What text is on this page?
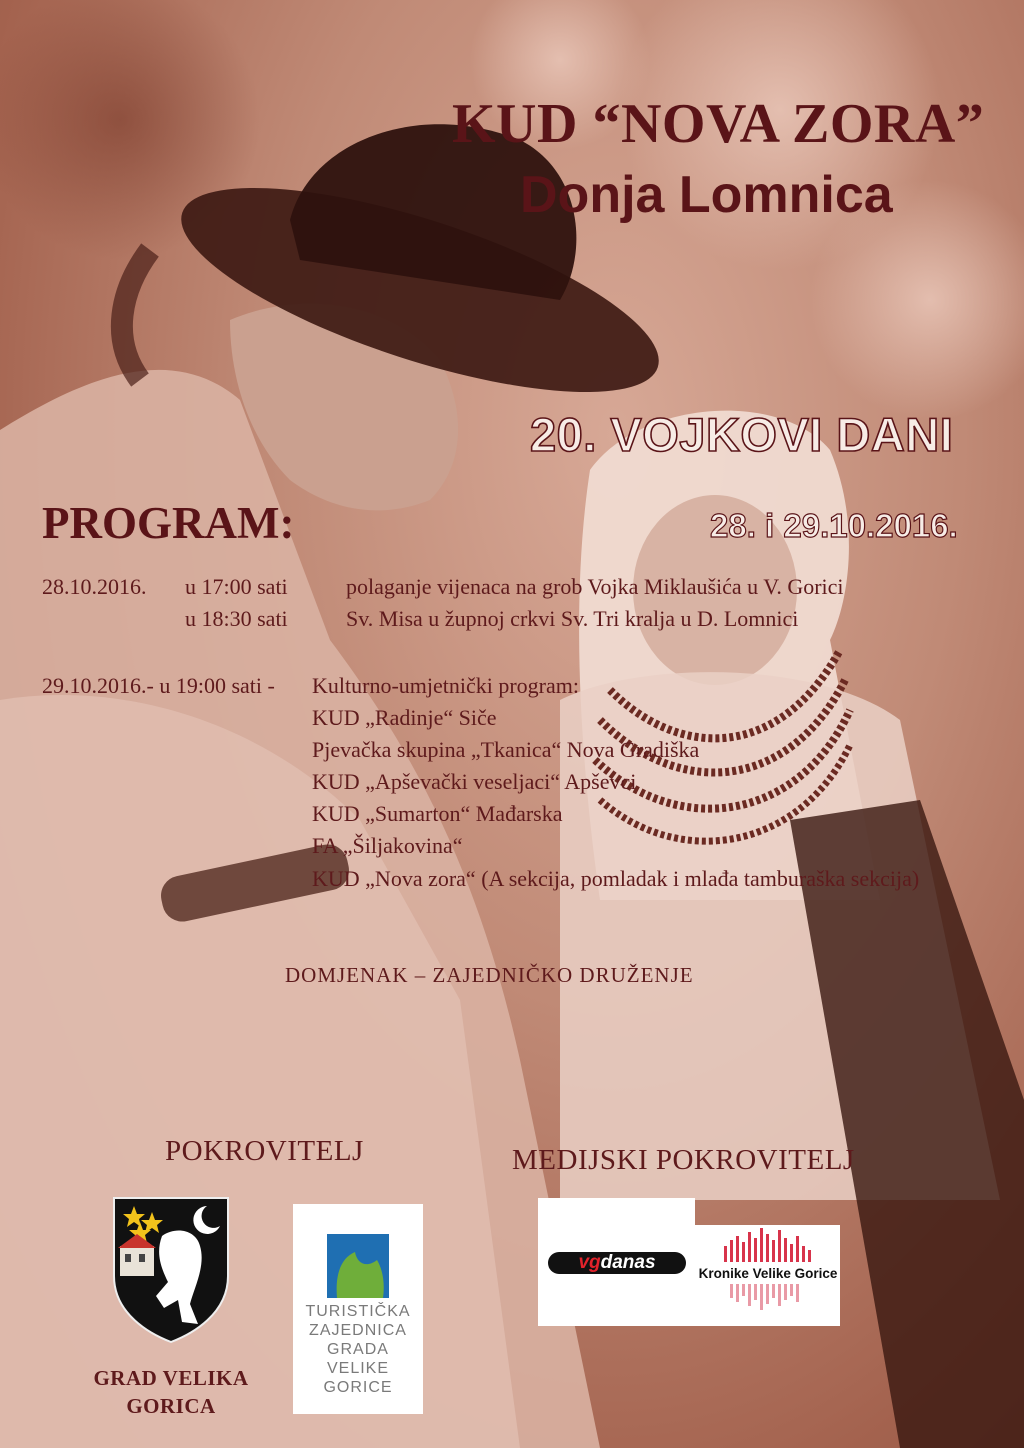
KUD “NOVA ZORA”
Donja Lomnica
20. VOJKOVI DANI
28. i 29.10.2016.
PROGRAM:
28.10.2016. u 17:00 sati	polaganje vijenaca na grob Vojka Miklaušića u V. Gorici
u 18:30 sati	Sv. Misa u župnoj crkvi Sv. Tri kralja u D. Lomnici
29.10.2016.- u 19:00 sati - Kulturno-umjetnički program:
KUD „Radinje“ Siče
Pjevačka skupina „Tkanica“ Nova Gradiška
KUD „Apševački veseljaci“ Apševci
KUD „Sumarton“ Mađarska
FA „Šiljakovina“
KUD „Nova zora“ (A sekcija, pomladak i mlađa tamburaška sekcija)
DOMJENAK – ZAJEDNIČKO DRUŽENJE
POKROVITELJ	MEDIJSKI POKROVITELJ
GRAD VELIKA
GORICA
TURISTIČKA
ZAJEDNICA
GRADA
VELIKE
GORICE
vgdanas
Kronike Velike Gorice
